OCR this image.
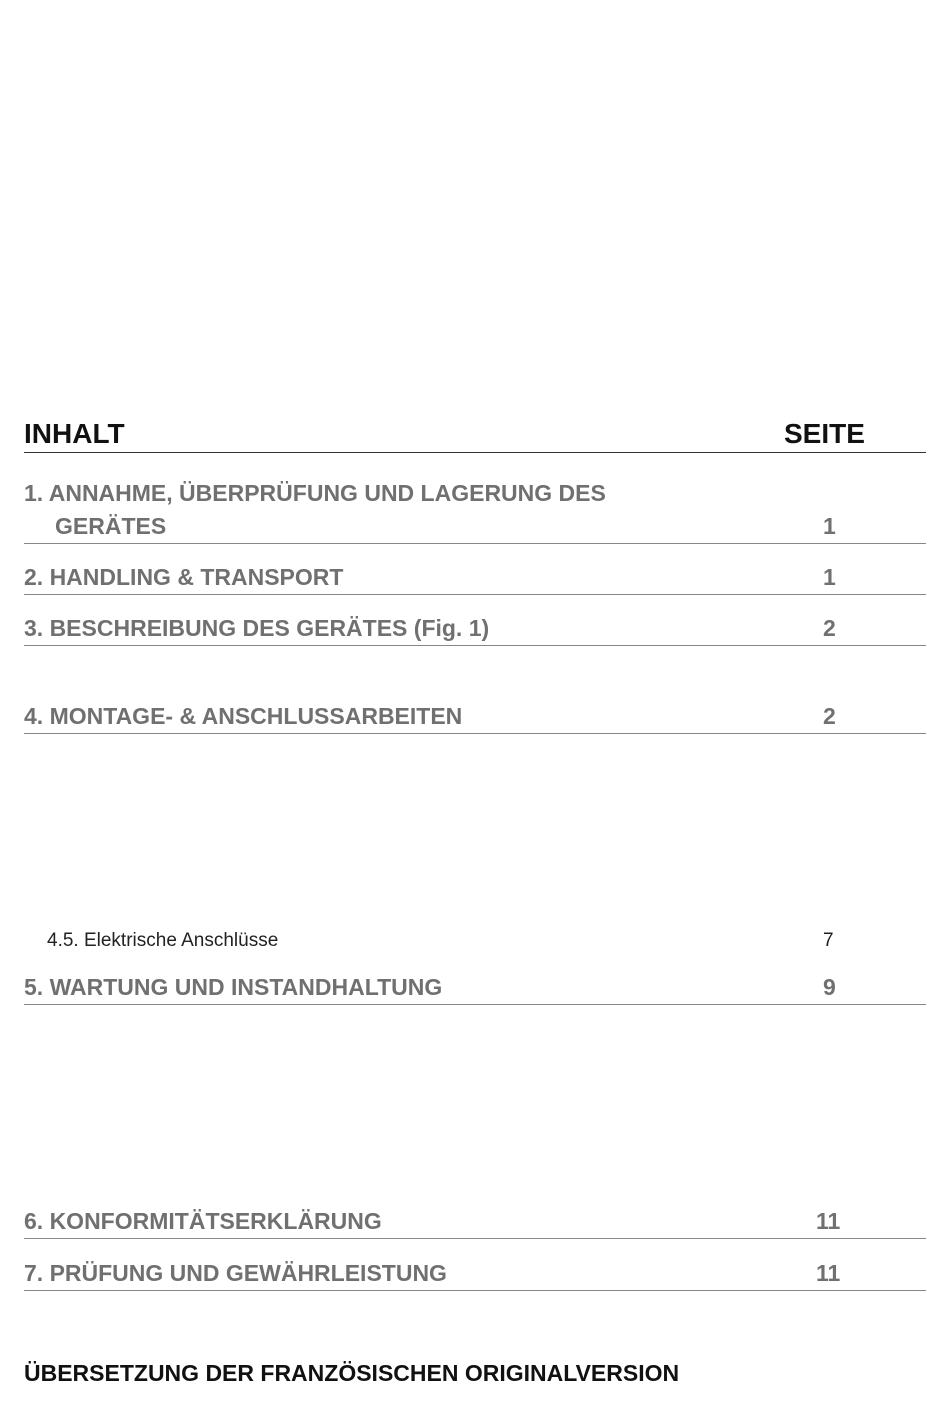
INHALT	SEITE
1. ANNAHME, ÜBERPRÜFUNG UND LAGERUNG DES
GERÄTES	1
2. HANDLING & TRANSPORT	1
3. BESCHREIBUNG DES GERÄTES (Fig. 1)	2
4. MONTAGE- & ANSCHLUSSARBEITEN	2
4.5. Elektrische Anschlüsse	7
5. WARTUNG UND INSTANDHALTUNG	9
6. KONFORMITÄTSERKLÄRUNG	11
7. PRÜFUNG UND GEWÄHRLEISTUNG	11
ÜBERSETZUNG DER FRANZÖSISCHEN ORIGINALVERSION
